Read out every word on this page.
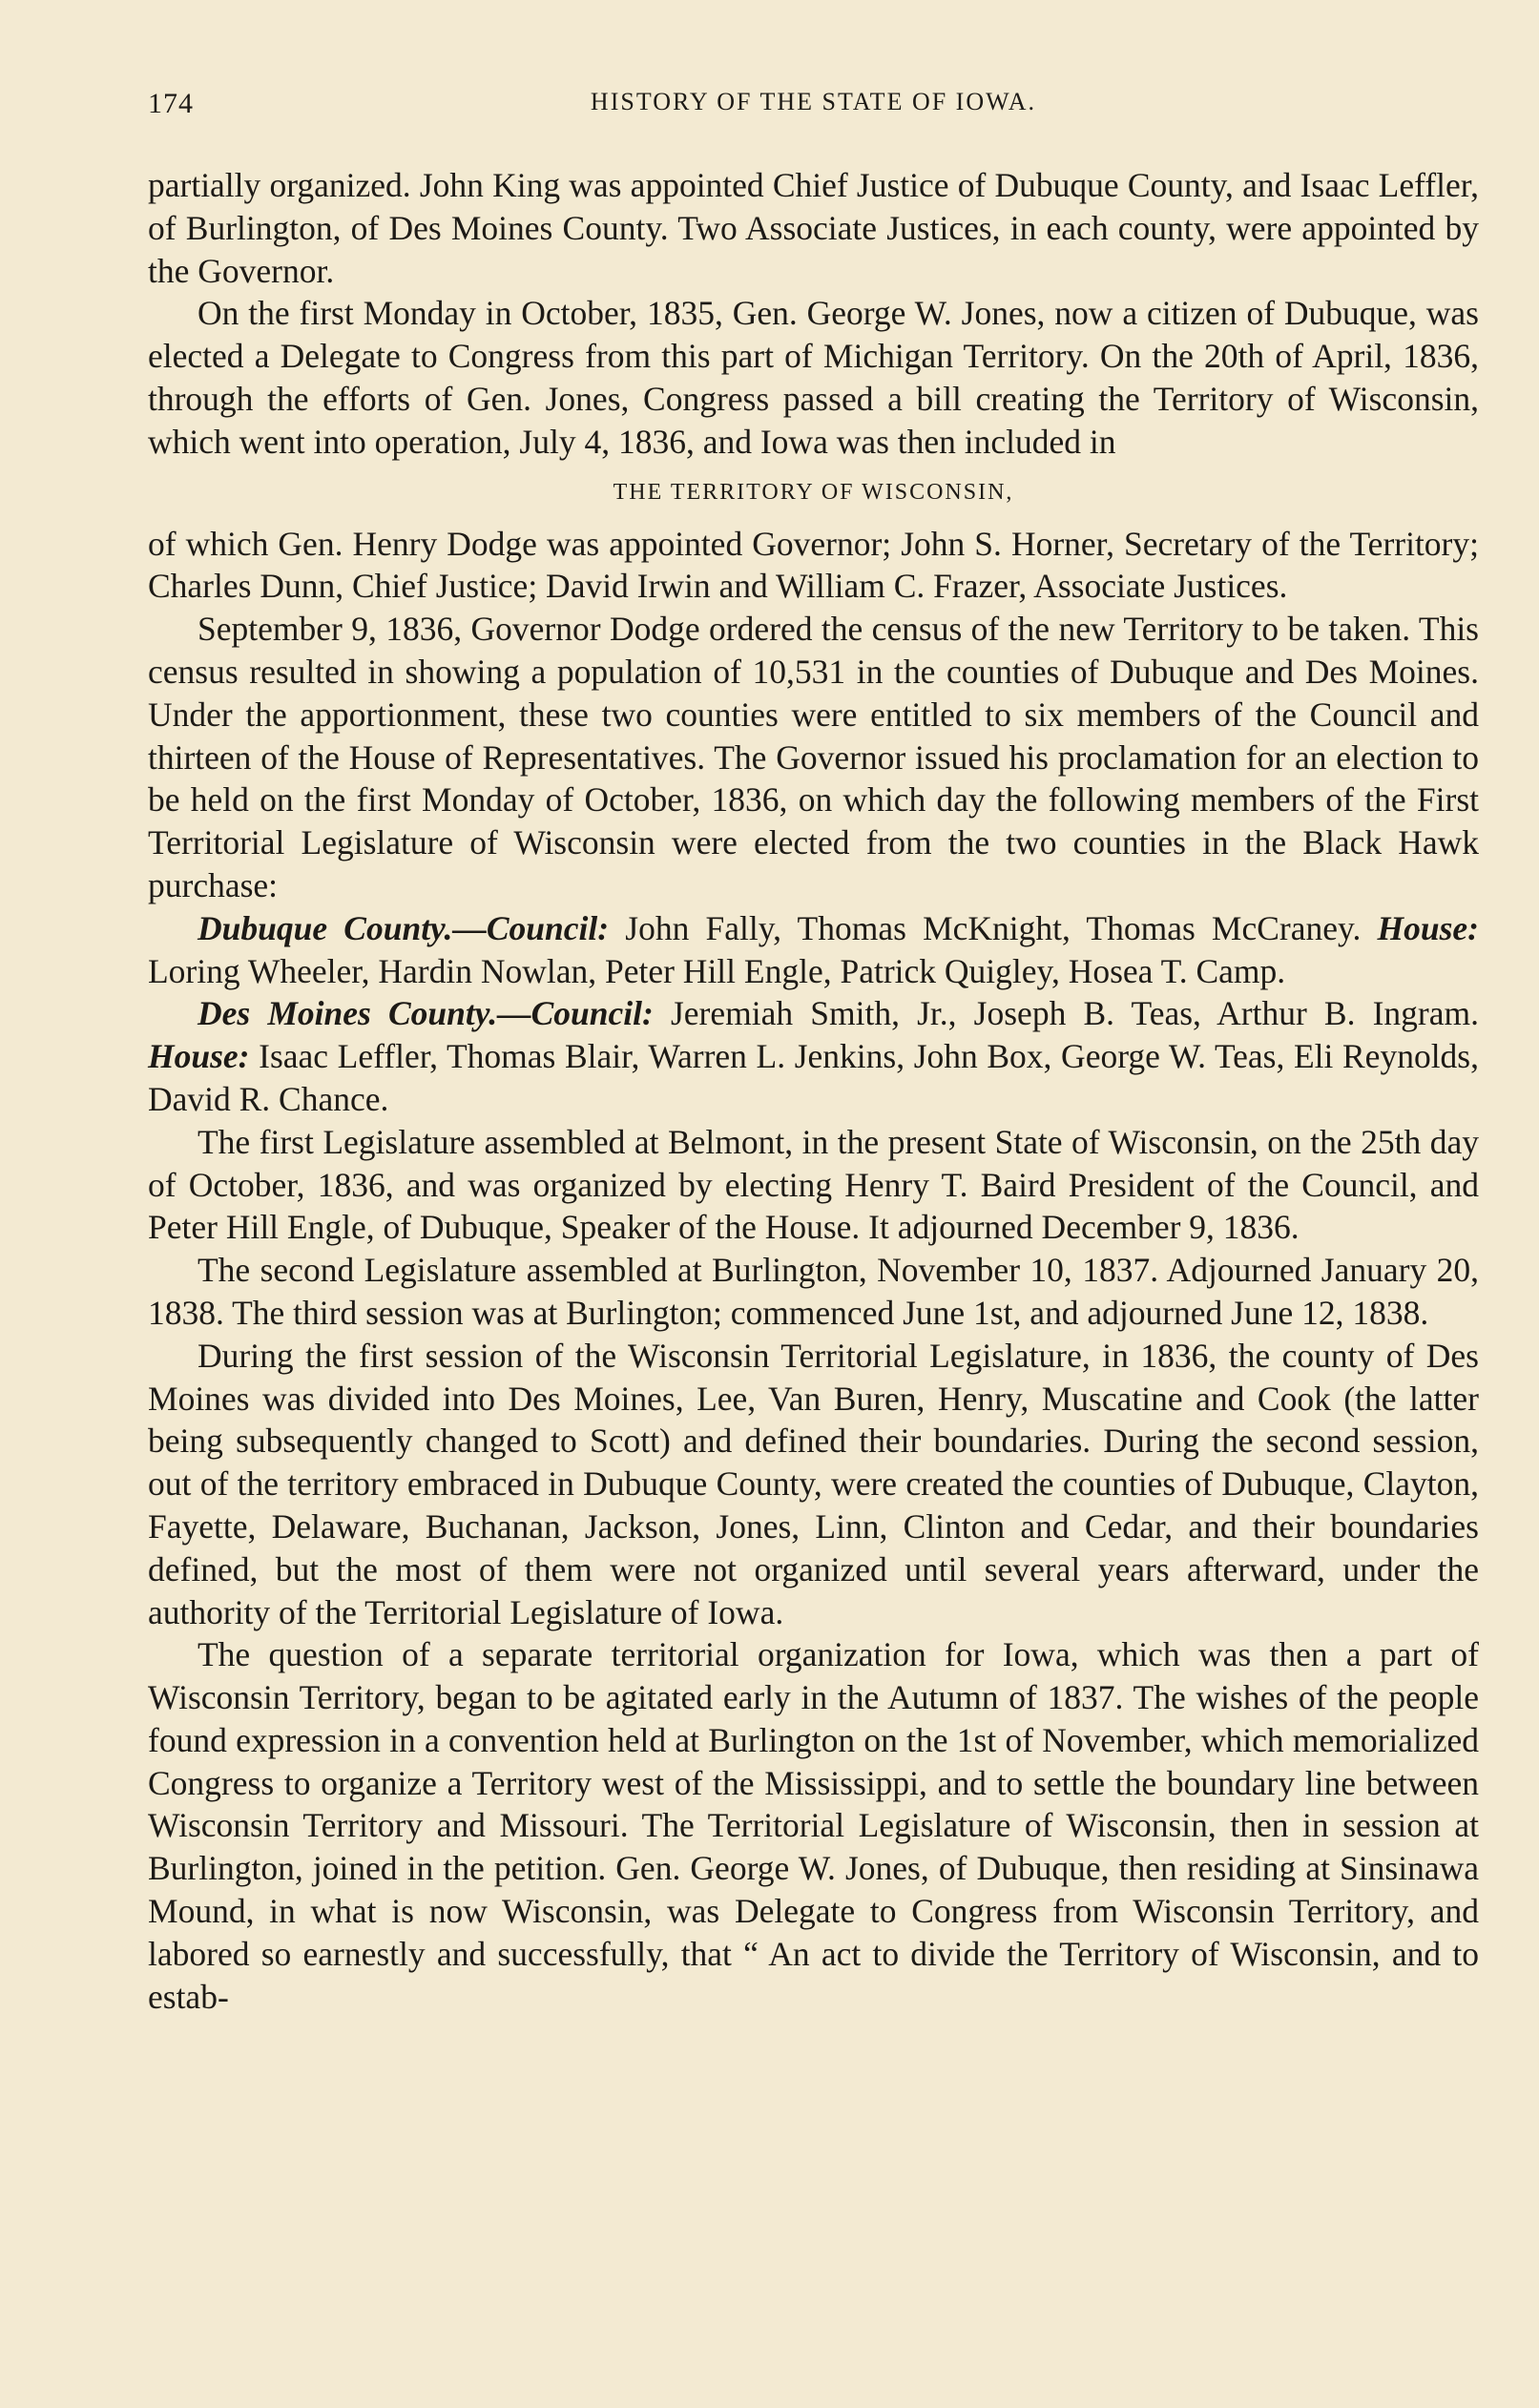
174	HISTORY OF THE STATE OF IOWA.

partially organized. John King was appointed Chief Justice of Dubuque County, and Isaac Leffler, of Burlington, of Des Moines County. Two Associate Justices, in each county, were appointed by the Governor.

On the first Monday in October, 1835, Gen. George W. Jones, now a citizen of Dubuque, was elected a Delegate to Congress from this part of Michigan Territory. On the 20th of April, 1836, through the efforts of Gen. Jones, Congress passed a bill creating the Territory of Wisconsin, which went into operation, July 4, 1836, and Iowa was then included in

THE TERRITORY OF WISCONSIN,

of which Gen. Henry Dodge was appointed Governor; John S. Horner, Secretary of the Territory; Charles Dunn, Chief Justice; David Irwin and William C. Frazer, Associate Justices.

September 9, 1836, Governor Dodge ordered the census of the new Territory to be taken. This census resulted in showing a population of 10,531 in the counties of Dubuque and Des Moines. Under the apportionment, these two counties were entitled to six members of the Council and thirteen of the House of Representatives. The Governor issued his proclamation for an election to be held on the first Monday of October, 1836, on which day the following members of the First Territorial Legislature of Wisconsin were elected from the two counties in the Black Hawk purchase:

Dubuque County.—Council: John Fally, Thomas McKnight, Thomas McCraney. House: Loring Wheeler, Hardin Nowlan, Peter Hill Engle, Patrick Quigley, Hosea T. Camp.

Des Moines County.—Council: Jeremiah Smith, Jr., Joseph B. Teas, Arthur B. Ingram. House: Isaac Leffler, Thomas Blair, Warren L. Jenkins, John Box, George W. Teas, Eli Reynolds, David R. Chance.

The first Legislature assembled at Belmont, in the present State of Wisconsin, on the 25th day of October, 1836, and was organized by electing Henry T. Baird President of the Council, and Peter Hill Engle, of Dubuque, Speaker of the House. It adjourned December 9, 1836.

The second Legislature assembled at Burlington, November 10, 1837. Adjourned January 20, 1838. The third session was at Burlington; commenced June 1st, and adjourned June 12, 1838.

During the first session of the Wisconsin Territorial Legislature, in 1836, the county of Des Moines was divided into Des Moines, Lee, Van Buren, Henry, Muscatine and Cook (the latter being subsequently changed to Scott) and defined their boundaries. During the second session, out of the territory embraced in Dubuque County, were created the counties of Dubuque, Clayton, Fayette, Delaware, Buchanan, Jackson, Jones, Linn, Clinton and Cedar, and their boundaries defined, but the most of them were not organized until several years afterward, under the authority of the Territorial Legislature of Iowa.

The question of a separate territorial organization for Iowa, which was then a part of Wisconsin Territory, began to be agitated early in the Autumn of 1837. The wishes of the people found expression in a convention held at Burlington on the 1st of November, which memorialized Congress to organize a Territory west of the Mississippi, and to settle the boundary line between Wisconsin Territory and Missouri. The Territorial Legislature of Wisconsin, then in session at Burlington, joined in the petition. Gen. George W. Jones, of Dubuque, then residing at Sinsinawa Mound, in what is now Wisconsin, was Delegate to Congress from Wisconsin Territory, and labored so earnestly and successfully, that “ An act to divide the Territory of Wisconsin, and to estab-
